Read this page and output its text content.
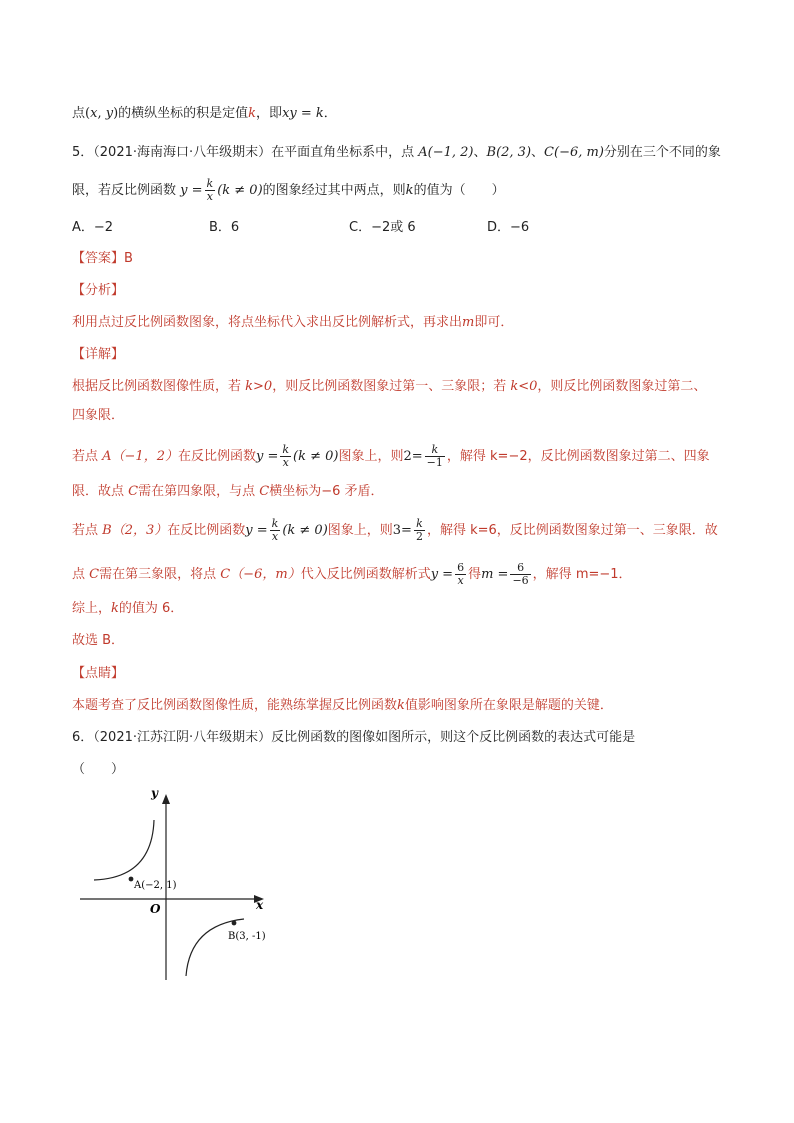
点(x, y)的横纵坐标的积是定值k，即xy = k．
5．（2021·海南海口·八年级期末）在平面直角坐标系中，点 A(−1, 2)、B(2, 3)、C(−6, m)分别在三个不同的象
限，若反比例函数 $y = \frac{k}{x} (k \ne 0)$的图象经过其中两点，则k的值为（　　）
A．−2	B．6	C．−2或 6	D．−6
【答案】B
【分析】
利用点过反比例函数图象，将点坐标代入求出反比例解析式，再求出m即可．
【详解】
根据反比例函数图像性质，若 k>0，则反比例函数图象过第一、三象限；若 k<0，则反比例函数图象过第二、
四象限．
若点 A（−1，2）在反比例函数$y = \frac{k}{x} (k \ne 0)$图象上，则$2= \frac{k}{-1}$ ，解得 k=−2，反比例函数图象过第二、四象
限．故点 C需在第四象限，与点 C横坐标为−6 矛盾．
若点 B（2，3）在反比例函数$y = \frac{k}{x} (k \ne 0)$图象上，则$3= \frac{k}{2}$ ，解得 k=6，反比例函数图象过第一、三象限．故
点 C需在第三象限，将点 C（−6，m）代入反比例函数解析式$y = \frac{6}{x}$ 得$m = \frac{6}{-6}$ ，解得 m=−1．
综上，k的值为 6．
故选 B．
【点睛】
本题考查了反比例函数图像性质，能熟练掌握反比例函数k值影响图象所在象限是解题的关键．
6．（2021·江苏江阴·八年级期末）反比例函数的图像如图所示，则这个反比例函数的表达式可能是
（　　）
y
x
O
A(−2, 1)
B(3, -1)
